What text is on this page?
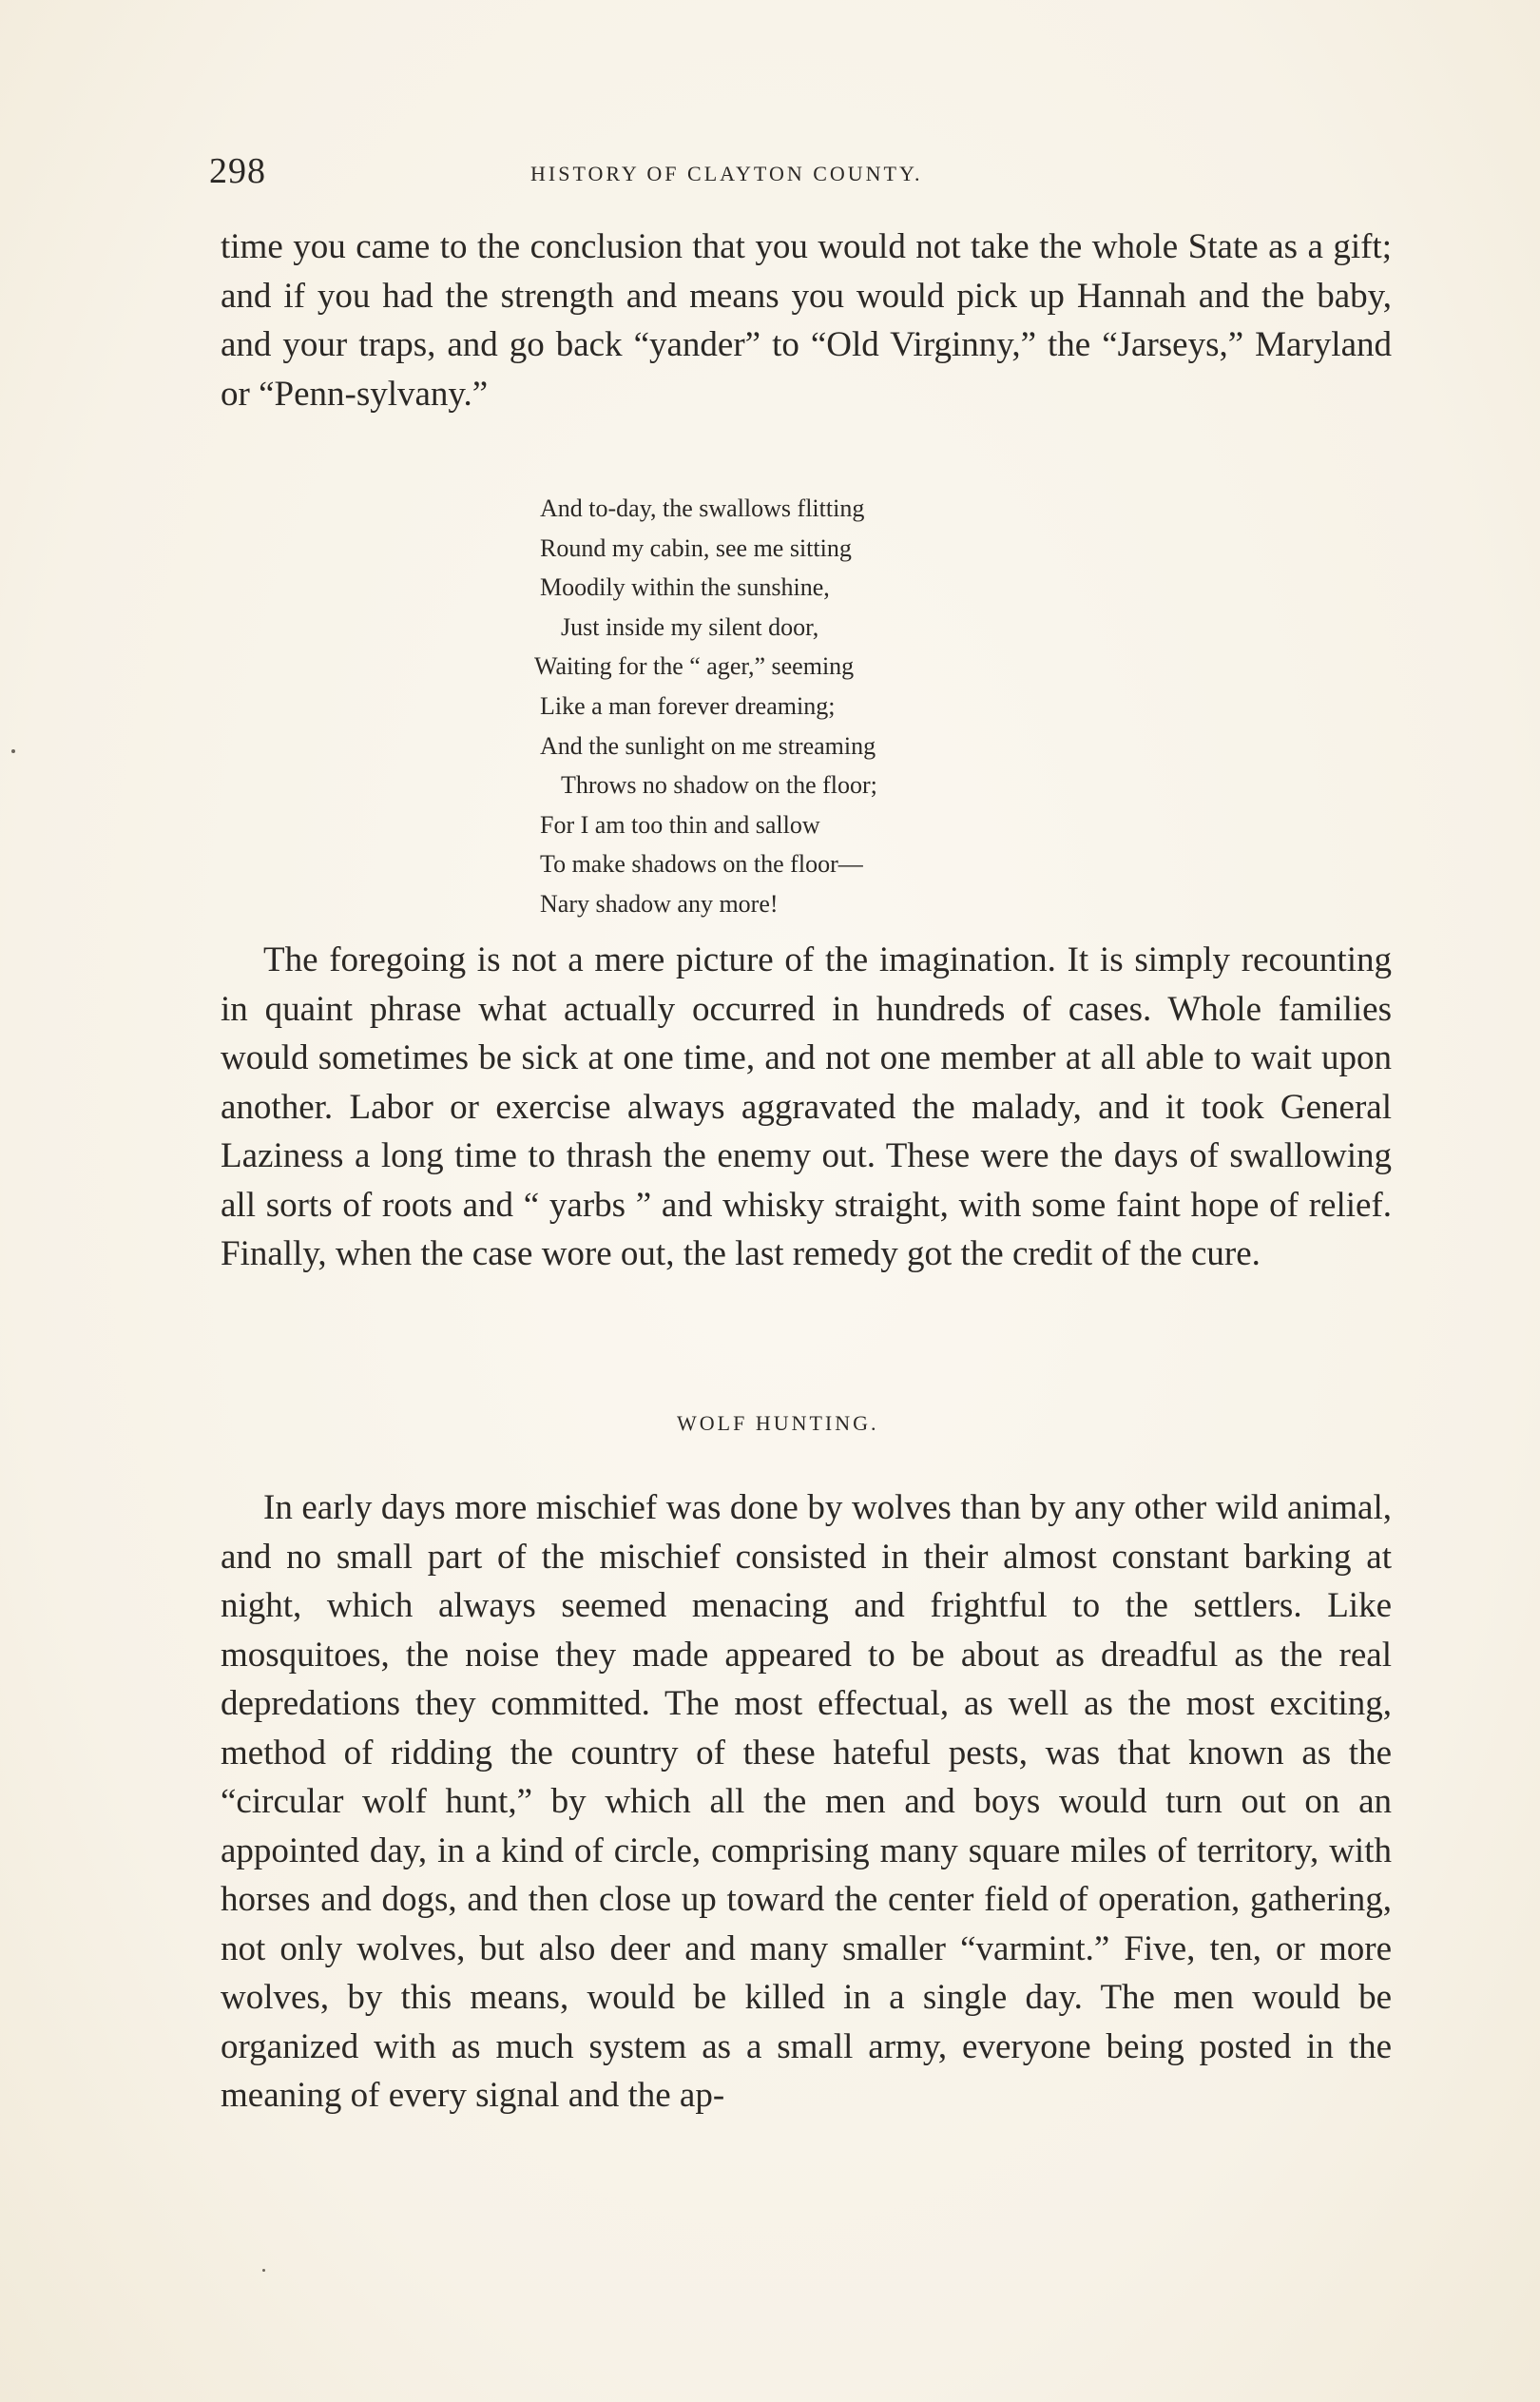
298	HISTORY OF CLAYTON COUNTY.

time you came to the conclusion that you would not take the whole State as a gift; and if you had the strength and means you would pick up Hannah and the baby, and your traps, and go back “yander” to “Old Virginny,” the “Jarseys,” Maryland or “Penn-sylvany.”

And to-day, the swallows flitting
Round my cabin, see me sitting
Moodily within the sunshine,
Just inside my silent door,
Waiting for the “ ager,” seeming
Like a man forever dreaming;
And the sunlight on me streaming
Throws no shadow on the floor;
For I am too thin and sallow
To make shadows on the floor—
Nary shadow any more!

The foregoing is not a mere picture of the imagination. It is simply recounting in quaint phrase what actually occurred in hundreds of cases. Whole families would sometimes be sick at one time, and not one member at all able to wait upon another. Labor or exercise always aggravated the malady, and it took General Laziness a long time to thrash the enemy out. These were the days of swallowing all sorts of roots and “ yarbs ” and whisky straight, with some faint hope of relief. Finally, when the case wore out, the last remedy got the credit of the cure.

WOLF HUNTING.

In early days more mischief was done by wolves than by any other wild animal, and no small part of the mischief consisted in their almost constant barking at night, which always seemed menacing and frightful to the settlers. Like mosquitoes, the noise they made appeared to be about as dreadful as the real depredations they committed. The most effectual, as well as the most exciting, method of ridding the country of these hateful pests, was that known as the “circular wolf hunt,” by which all the men and boys would turn out on an appointed day, in a kind of circle, comprising many square miles of territory, with horses and dogs, and then close up toward the center field of operation, gathering, not only wolves, but also deer and many smaller “varmint.” Five, ten, or more wolves, by this means, would be killed in a single day. The men would be organized with as much system as a small army, everyone being posted in the meaning of every signal and the ap-
